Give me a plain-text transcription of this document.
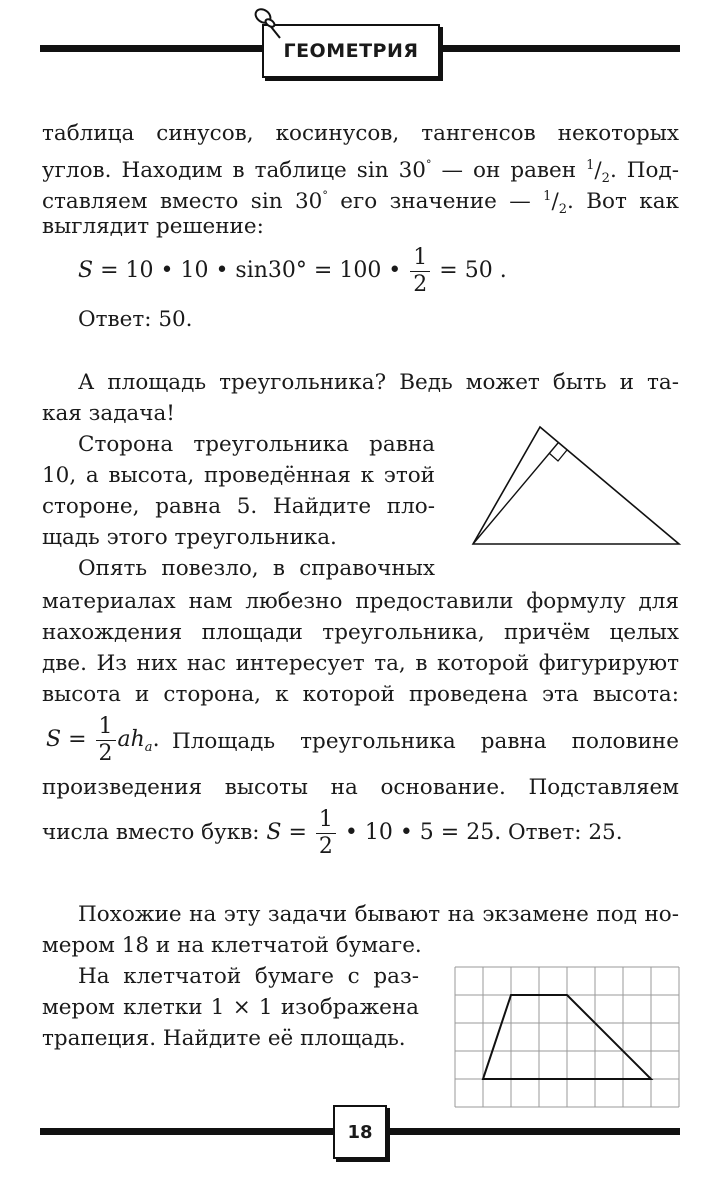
ГЕОМЕТРИЯ
таблица синусов, косинусов, тангенсов некоторых
углов. Находим в таблице sin 30° — он равен $^1/_2$. Под-
ставляем вместо sin 30° его значение — $^1/_2$. Вот как
выглядит решение:
S = 10 • 10 • sin30° = 100 • $\frac{1}{2} = 50$ .
Ответ: 50.
А площадь треугольника? Ведь может быть и та-
кая задача!
Сторона треугольника равна
10, а высота, проведённая к этой
стороне, равна 5. Найдите пло-
щадь этого треугольника.
Опять повезло, в справочных
материалах нам любезно предоставили формулу для
нахождения площади треугольника, причём целых
две. Из них нас интересует та, в которой фигурируют
высота и сторона, к которой проведена эта высота:
$S = \frac{1}{2} ah_a$. Площадь треугольника равна половине
произведения высоты на основание. Подставляем
числа вместо букв: $S = \frac{1}{2}$ • 10 • 5 = 25. Ответ: 25.
Похожие на эту задачи бывают на экзамене под но-
мером 18 и на клетчатой бумаге.
На клетчатой бумаге с раз-
мером клетки 1 × 1 изображена
трапеция. Найдите её площадь.
18
